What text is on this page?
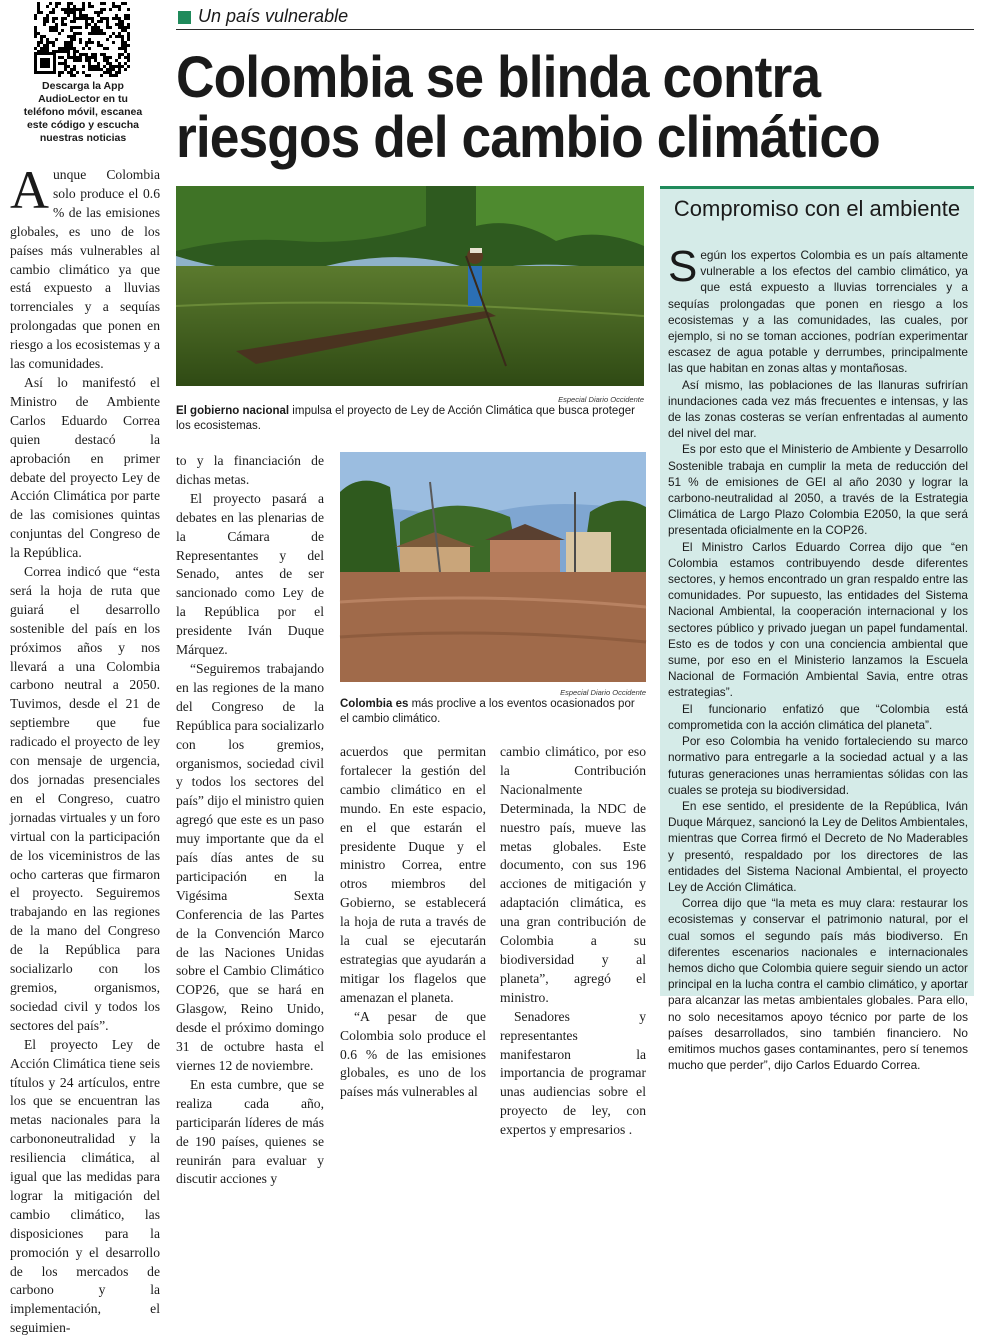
Descarga la App AudioLector en tu teléfono móvil, escanea este código y escucha nuestras noticias
Un país vulnerable
Colombia se blinda contra
riesgos del cambio climático

Aunque Colombia solo produce el 0.6 % de las emisiones globales, es uno de los países más vulnerables al cambio climático ya que está expuesto a lluvias torrenciales y a sequías prolongadas que ponen en riesgo a los ecosistemas y a las comunidades.

Así lo manifestó el Ministro de Ambiente Carlos Eduardo Correa quien destacó la aprobación en primer debate del proyecto Ley de Acción Climática por parte de las comisiones quintas conjuntas del Congreso de la República.

Correa indicó que “esta será la hoja de ruta que guiará el desarrollo sostenible del país en los próximos años y nos llevará a una Colombia carbono neutral a 2050. Tuvimos, desde el 21 de septiembre que fue radicado el proyecto de ley con mensaje de urgencia, dos jornadas presenciales en el Congreso, cuatro jornadas virtuales y un foro virtual con la participación de los viceministros de las ocho carteras que firmaron el proyecto. Seguiremos trabajando en las regiones de la mano del Congreso de la República para socializarlo con los gremios, organismos, sociedad civil y todos los sectores del país”.

El proyecto Ley de Acción Climática tiene seis títulos y 24 artículos, entre los que se encuentran las metas nacionales para la carbononeutralidad y la resiliencia climática, al igual que las medidas para lograr la mitigación del cambio climático, las disposiciones para la promoción y el desarrollo de los mercados de carbono y la implementación, el seguimien-

Especial Diario Occidente
El gobierno nacional impulsa el proyecto de Ley de Acción Climática que busca proteger los ecosistemas.

to y la financiación de dichas metas.

El proyecto pasará a debates en las plenarias de la Cámara de Representantes y del Senado, antes de ser sancionado como Ley de la República por el presidente Iván Duque Márquez.

“Seguiremos trabajando en las regiones de la mano del Congreso de la República para socializarlo con los gremios, organismos, sociedad civil y todos los sectores del país” dijo el ministro quien agregó que este es un paso muy importante que da el país días antes de su participación en la Vigésima Sexta Conferencia de las Partes de la Convención Marco de las Naciones Unidas sobre el Cambio Climático COP26, que se hará en Glasgow, Reino Unido, desde el próximo domingo 31 de octubre hasta el viernes 12 de noviembre.

En esta cumbre, que se realiza cada año, participarán líderes de más de 190 países, quienes se reunirán para evaluar y discutir acciones y

Especial Diario Occidente
Colombia es más proclive a los eventos ocasionados por el cambio climático.

acuerdos que permitan fortalecer la gestión del cambio climático en el mundo. En este espacio, en el que estarán el presidente Duque y el ministro Correa, entre otros miembros del Gobierno, se establecerá la hoja de ruta a través de la cual se ejecutarán estrategias que ayudarán a mitigar los flagelos que amenazan el planeta.

“A pesar de que Colombia solo produce el 0.6 % de las emisiones globales, es uno de los países más vulnerables al

cambio climático, por eso la Contribución Nacionalmente Determinada, la NDC de nuestro país, mueve las metas globales. Este documento, con sus 196 acciones de mitigación y adaptación climática, es una gran contribución de Colombia a su biodiversidad y al planeta”, agregó el ministro.

Senadores y representantes manifestaron la importancia de programar unas audiencias sobre el proyecto de ley, con expertos y empresarios .

Compromiso con el ambiente

Según los expertos Colombia es un país altamente vulnerable a los efectos del cambio climático, ya que está expuesto a lluvias torrenciales y a sequías prolongadas que ponen en riesgo a los ecosistemas y a las comunidades, las cuales, por ejemplo, si no se toman acciones, podrían experimentar escasez de agua potable y derrumbes, principalmente las que habitan en zonas altas y montañosas.

Así mismo, las poblaciones de las llanuras sufrirían inundaciones cada vez más frecuentes e intensas, y las de las zonas costeras se verían enfrentadas al aumento del nivel del mar.

Es por esto que el Ministerio de Ambiente y Desarrollo Sostenible trabaja en cumplir la meta de reducción del 51 % de emisiones de GEI al año 2030 y lograr la carbono-neutralidad al 2050, a través de la Estrategia Climática de Largo Plazo Colombia E2050, la que será presentada oficialmente en la COP26.

El Ministro Carlos Eduardo Correa dijo que “en Colombia estamos contribuyendo desde diferentes sectores, y hemos encontrado un gran respaldo entre las comunidades. Por supuesto, las entidades del Sistema Nacional Ambiental, la cooperación internacional y los sectores público y privado juegan un papel fundamental. Esto es de todos y con una conciencia ambiental que sume, por eso en el Ministerio lanzamos la Escuela Nacional de Formación Ambiental Savia, entre otras estrategias”.

El funcionario enfatizó que “Colombia está comprometida con la acción climática del planeta”.

Por eso Colombia ha venido fortaleciendo su marco normativo para entregarle a la sociedad actual y a las futuras generaciones unas herramientas sólidas con las cuales se proteja su biodiversidad.

En ese sentido, el presidente de la República, Iván Duque Márquez, sancionó la Ley de Delitos Ambientales, mientras que Correa firmó el Decreto de No Maderables y presentó, respaldado por los directores de las entidades del Sistema Nacional Ambiental, el proyecto Ley de Acción Climática.

Correa dijo que “la meta es muy clara: restaurar los ecosistemas y conservar el patrimonio natural, por el cual somos el segundo país más biodiverso. En diferentes escenarios nacionales e internacionales hemos dicho que Colombia quiere seguir siendo un actor principal en la lucha contra el cambio climático, y aportar para alcanzar las metas ambientales globales. Para ello, no solo necesitamos apoyo técnico por parte de los países desarrollados, sino también financiero. No emitimos muchos gases contaminantes, pero sí tenemos mucho que perder”, dijo Carlos Eduardo Correa.
